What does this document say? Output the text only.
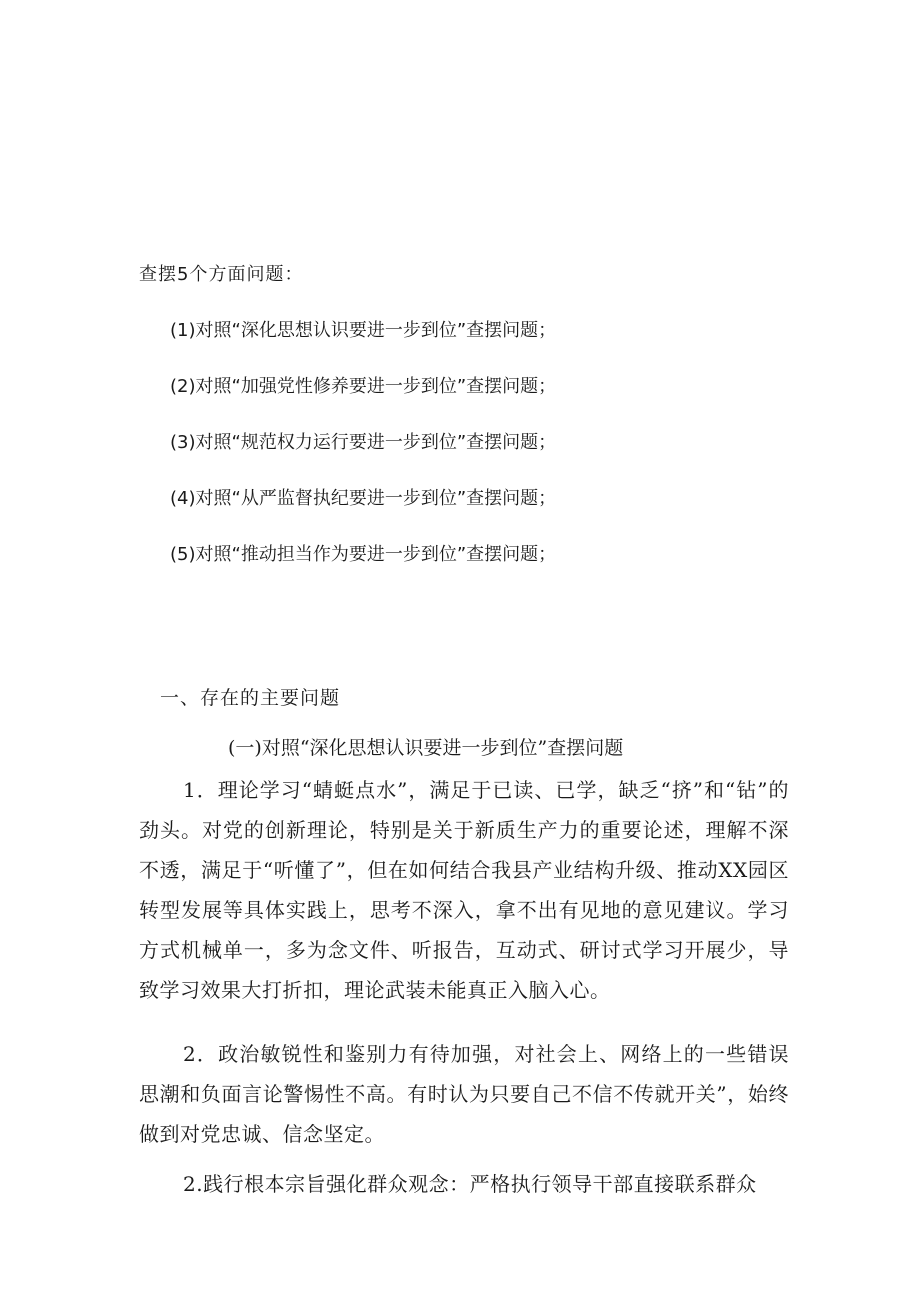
查摆5个方面问题：
(1)对照“深化思想认识要进一步到位”查摆问题；
(2)对照“加强党性修养要进一步到位”查摆问题；
(3)对照“规范权力运行要进一步到位”查摆问题；
(4)对照“从严监督执纪要进一步到位”查摆问题；
(5)对照“推动担当作为要进一步到位”查摆问题；
一、存在的主要问题
(一)对照“深化思想认识要进一步到位”查摆问题

1．理论学习“蜻蜓点水”，满足于已读、已学，缺乏“挤”和“钻”的劲头。对党的创新理论，特别是关于新质生产力的重要论述，理解不深不透，满足于“听懂了”，但在如何结合我县产业结构升级、推动XX园区转型发展等具体实践上，思考不深入，拿不出有见地的意见建议。学习方式机械单一，多为念文件、听报告，互动式、研讨式学习开展少，导致学习效果大打折扣，理论武装未能真正入脑入心。

2．政治敏锐性和鉴别力有待加强，对社会上、网络上的一些错误思潮和负面言论警惕性不高。有时认为只要自己不信不传就开关”，始终做到对党忠诚、信念坚定。

2.践行根本宗旨强化群众观念：严格执行领导干部直接联系群众
